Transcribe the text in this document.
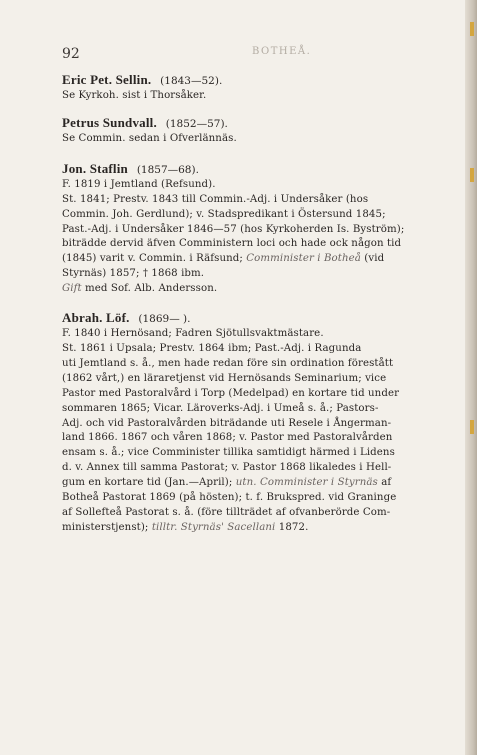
92	BOTHEÅ.
Eric Pet. Sellin. (1843—52).
Se Kyrkoh. sist i Thorsåker.
Petrus Sundvall. (1852—57).
Se Commin. sedan i Ofverlännäs.
Jon. Staflin (1857—68).
F. 1819 i Jemtland (Refsund).
St. 1841; Prestv. 1843 till Commin.-Adj. i Undersåker (hos
Commin. Joh. Gerdlund); v. Stadspredikant i Östersund 1845;
Past.-Adj. i Undersåker 1846—57 (hos Kyrkoherden Is. Byström);
biträdde dervid äfven Comministern loci och hade ock någon tid
(1845) varit v. Commin. i Räfsund; Comminister i Botheå (vid
Styrnäs) 1857; † 1868 ibm.
Gift med Sof. Alb. Andersson.
Abrah. Löf. (1869— ).
F. 1840 i Hernösand; Fadren Sjötullsvaktmästare.
St. 1861 i Upsala; Prestv. 1864 ibm; Past.-Adj. i Ragunda
uti Jemtland s. å., men hade redan före sin ordination förestått
(1862 vårt,) en läraretjenst vid Hernösands Seminarium; vice
Pastor med Pastoralvård i Torp (Medelpad) en kortare tid under
sommaren 1865; Vicar. Läroverks-Adj. i Umeå s. å.; Pastors-
Adj. och vid Pastoralvården biträdande uti Resele i Ångerman-
land 1866. 1867 och våren 1868; v. Pastor med Pastoralvården
ensam s. å.; vice Comminister tillika samtidigt härmed i Lidens
d. v. Annex till samma Pastorat; v. Pastor 1868 likaledes i Hell-
gum en kortare tid (Jan.—April); utn. Comminister i Styrnäs af
Botheå Pastorat 1869 (på hösten); t. f. Brukspred. vid Graninge
af Sollefteå Pastorat s. å. (före tillträdet af ofvanberörde Com-
ministerstjenst); tilltr. Styrnäs' Sacellani 1872.
